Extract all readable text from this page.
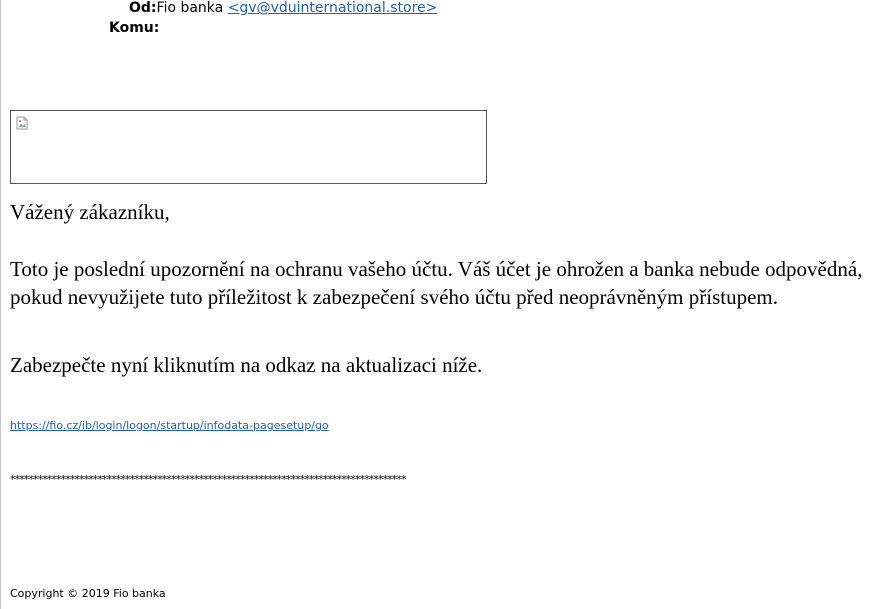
Od:Fio banka <gv@vduinternational.store>
Komu:
Vážený zákazníku,
Toto je poslední upozornění na ochranu vašeho účtu. Váš účet je ohrožen a banka nebude odpovědná, pokud nevyužijete tuto příležitost k zabezpečení svého účtu před neoprávněným přístupem.
Zabezpečte nyní kliknutím na odkaz na aktualizaci níže.
https://fio.cz/ib/login/logon/startup/infodata-pagesetup/go
**************************************************************************************
Copyright © 2019 Fio banka
